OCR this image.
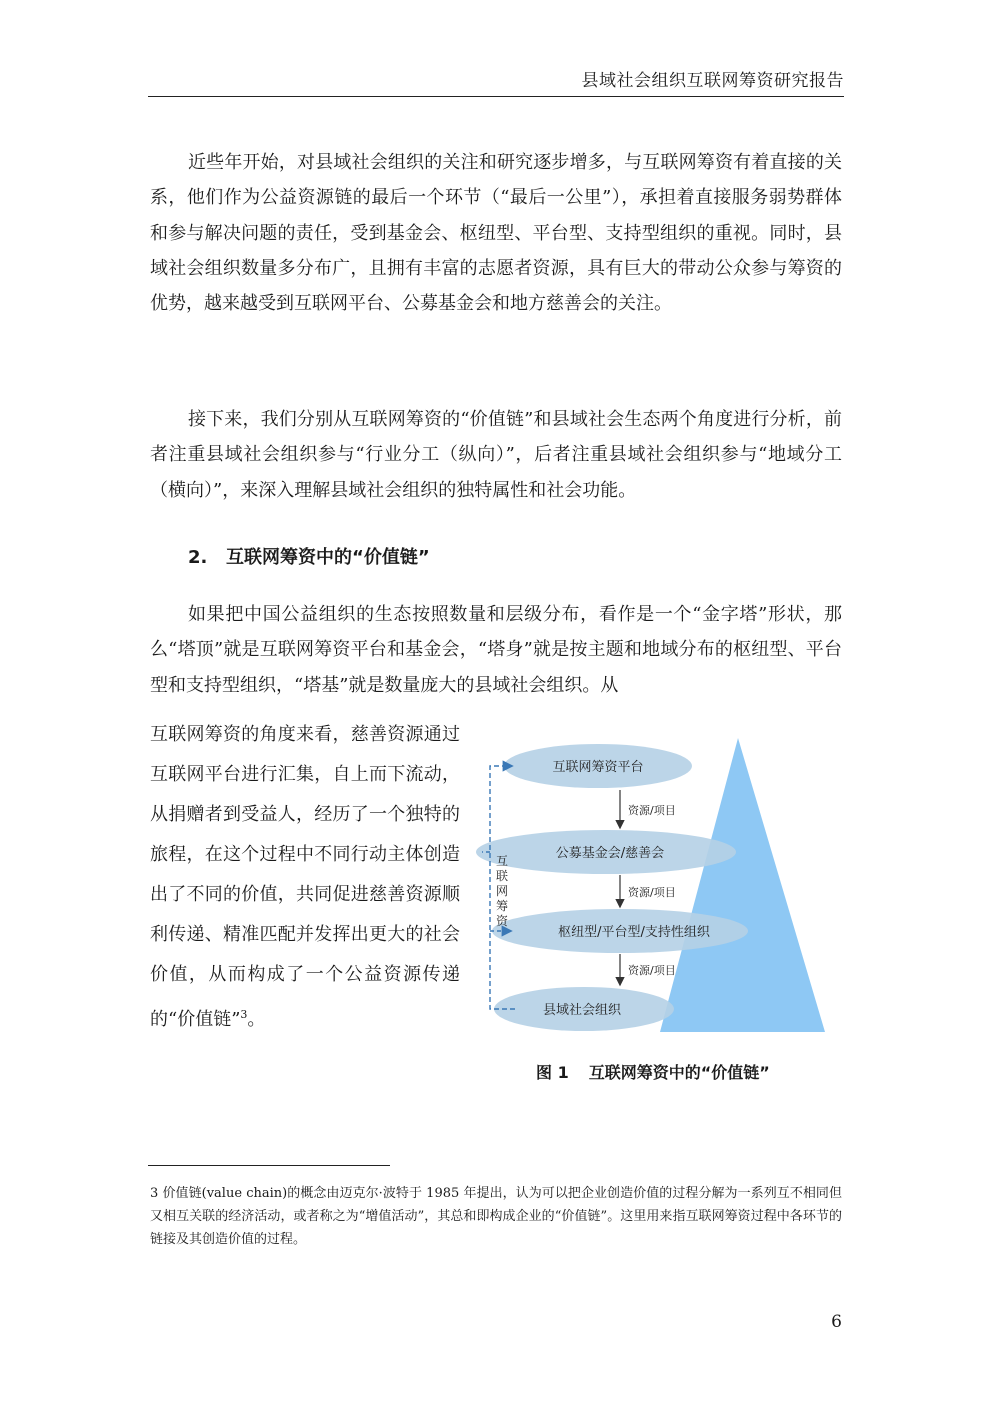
县域社会组织互联网筹资研究报告

近些年开始，对县域社会组织的关注和研究逐步增多，与互联网筹资有着直接的关系，他们作为公益资源链的最后一个环节（“最后一公里”），承担着直接服务弱势群体和参与解决问题的责任，受到基金会、枢纽型、平台型、支持型组织的重视。同时，县域社会组织数量多分布广，且拥有丰富的志愿者资源，具有巨大的带动公众参与筹资的优势，越来越受到互联网平台、公募基金会和地方慈善会的关注。

接下来，我们分别从互联网筹资的“价值链”和县域社会生态两个角度进行分析，前者注重县域社会组织参与“行业分工（纵向）”，后者注重县域社会组织参与“地域分工（横向）”，来深入理解县域社会组织的独特属性和社会功能。

2. 互联网筹资中的“价值链”

如果把中国公益组织的生态按照数量和层级分布，看作是一个“金字塔”形状，那么“塔顶”就是互联网筹资平台和基金会，“塔身”就是按主题和地域分布的枢纽型、平台型和支持型组织，“塔基”就是数量庞大的县域社会组织。从

互联网筹资的角度来看，慈善资源通过互联网平台进行汇集，自上而下流动，从捐赠者到受益人，经历了一个独特的旅程，在这个过程中不同行动主体创造出了不同的价值，共同促进慈善资源顺利传递、精准匹配并发挥出更大的社会价值，从而构成了一个公益资源传递的“价值链”$^3$。

互联网筹资平台
公募基金会/慈善会
枢纽型/平台型/支持性组织
县域社会组织
资源/项目
资源/项目
资源/项目
互
联
网
筹
资
图 1 互联网筹资中的“价值链”

3 价值链(value chain)的概念由迈克尔·波特于 1985 年提出，认为可以把企业创造价值的过程分解为一系列互不相同但又相互关联的经济活动，或者称之为“增值活动”，其总和即构成企业的“价值链”。这里用来指互联网筹资过程中各环节的链接及其创造价值的过程。

6
